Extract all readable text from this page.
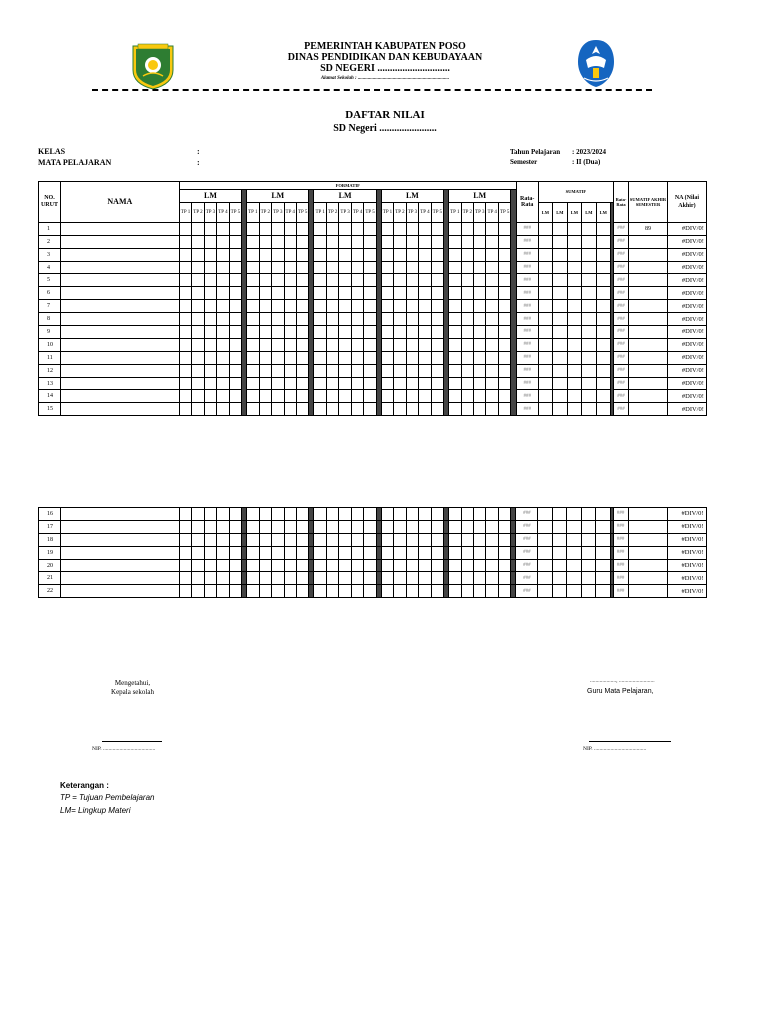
PEMERINTAH KABUPATEN POSO
DINAS PENDIDIKAN DAN KEBUDAYAAN
SD NEGERI .............................
Alamat Sekolah : .........................................................................
DAFTAR NILAI
SD Negeri .......................
KELAS	:
MATA PELAJARAN	:
Tahun Pelajaran : 2023/2024
Semester	: II (Dua)
NO. URUT	NAMA	FORMATIF																														Rata-Rata	SUMATIF						Rata-Rata	SUMATIF AKHIR SEMESTER	NA (Nilai Akhir)
		LM						LM						LM						LM						LM															
		TP 1	TP 2	TP 3	TP 4	TP 5		TP 1	TP 2	TP 3	TP 4	TP 5		TP 1	TP 2	TP 3	TP 4	TP 5		TP 1	TP 2	TP 3	TP 4	TP 5		TP 1	TP 2	TP 3	TP 4	TP 5			LM	LM	LM	LM	LM				
1																																###							###	89	#DIV/0!
2																																###							###		#DIV/0!
3																																###							###		#DIV/0!
4																																###							###		#DIV/0!
5																																###							###		#DIV/0!
6																																###							###		#DIV/0!
7																																###							###		#DIV/0!
8																																###							###		#DIV/0!
9																																###							###		#DIV/0!
10																																###							###		#DIV/0!
11																																###							###		#DIV/0!
12																																###							###		#DIV/0!
13																																###							###		#DIV/0!
14																																###							###		#DIV/0!
15																																###							###		#DIV/0!
16																																###							###		#DIV/0!
17																																###							###		#DIV/0!
18																																###							###		#DIV/0!
19																																###							###		#DIV/0!
20																																###							###		#DIV/0!
21																																###							###		#DIV/0!
22																																###							###		#DIV/0!
Mengetahui,
Kepala sekolah
NIP. ......................................
..................., ..........................
Guru Mata Pelajaran,
NIP. ......................................
Keterangan :
TP = Tujuan Pembelajaran
LM= Lingkup Materi
